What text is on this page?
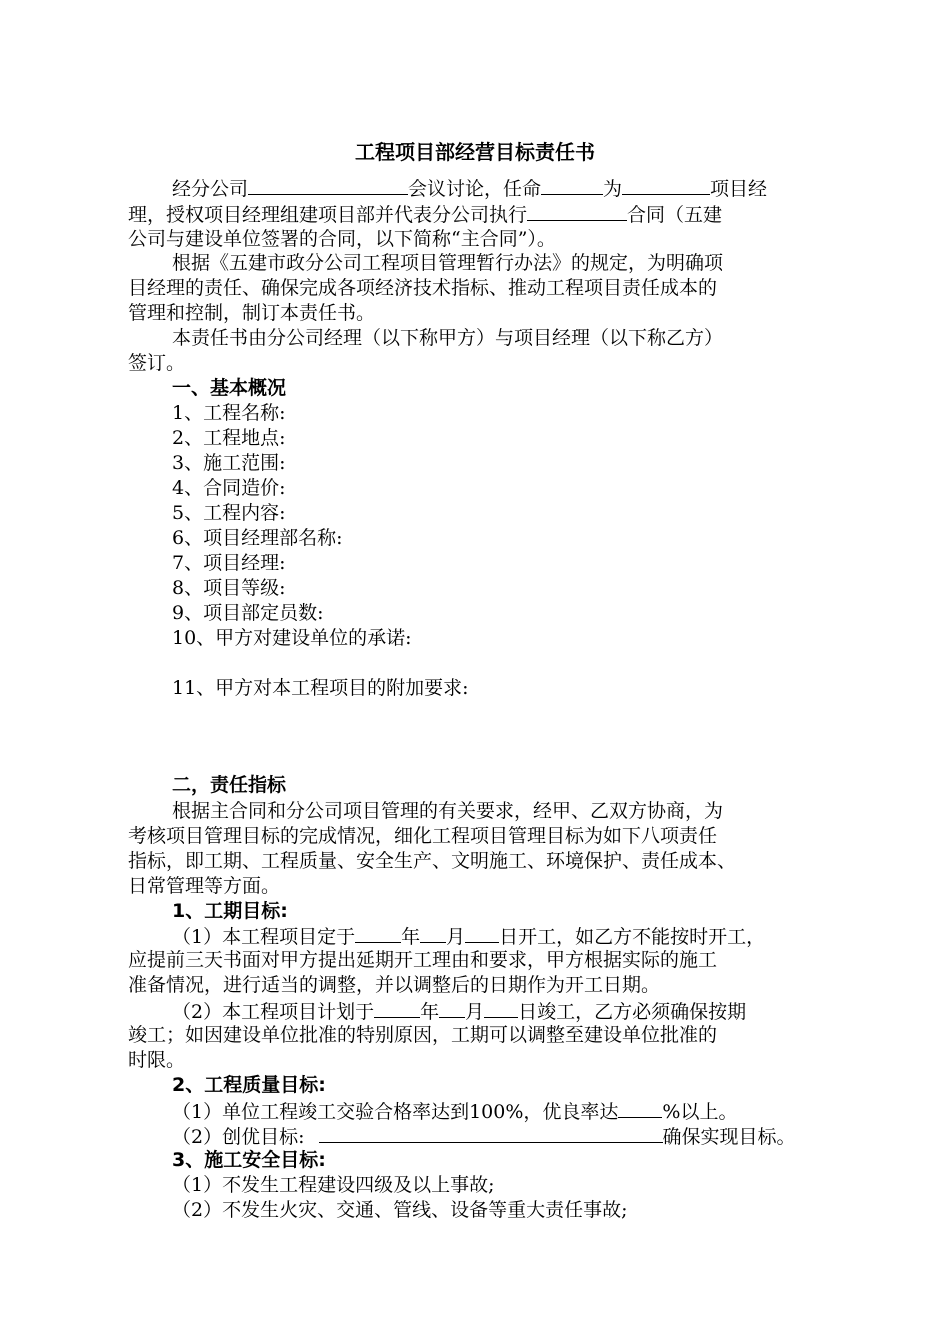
工程项目部经营目标责任书
经分公司	会议讨论，任命	为	项目经
理，授权项目经理组建项目部并代表分公司执行	合同（五建
公司与建设单位签署的合同，以下简称“主合同”）。
根据《五建市政分公司工程项目管理暂行办法》的规定，为明确项
目经理的责任、确保完成各项经济技术指标、推动工程项目责任成本的
管理和控制，制订本责任书。
本责任书由分公司经理（以下称甲方）与项目经理（以下称乙方）
签订。
一、基本概况
1、工程名称:
2、工程地点:
3、施工范围:
4、合同造价:
5、工程内容:
6、项目经理部名称:
7、项目经理:
8、项目等级:
9、项目部定员数:
10、甲方对建设单位的承诺:
11、甲方对本工程项目的附加要求:
二，责任指标
根据主合同和分公司项目管理的有关要求，经甲、乙双方协商，为
考核项目管理目标的完成情况，细化工程项目管理目标为如下八项责任
指标，即工期、工程质量、安全生产、文明施工、环境保护、责任成本、
日常管理等方面。
1、工期目标:
（1）本工程项目定于 年 月 日开工，如乙方不能按时开工，
应提前三天书面对甲方提出延期开工理由和要求，甲方根据实际的施工
准备情况，进行适当的调整，并以调整后的日期作为开工日期。
（2）本工程项目计划于 年 月 日竣工，乙方必须确保按期
竣工；如因建设单位批准的特别原因，工期可以调整至建设单位批准的
时限。
2、工程质量目标:
（1）单位工程竣工交验合格率达到100%，优良率达 %以上。
（2）创优目标:	确保实现目标。
3、施工安全目标:
（1）不发生工程建设四级及以上事故;
（2）不发生火灾、交通、管线、设备等重大责任事故;
